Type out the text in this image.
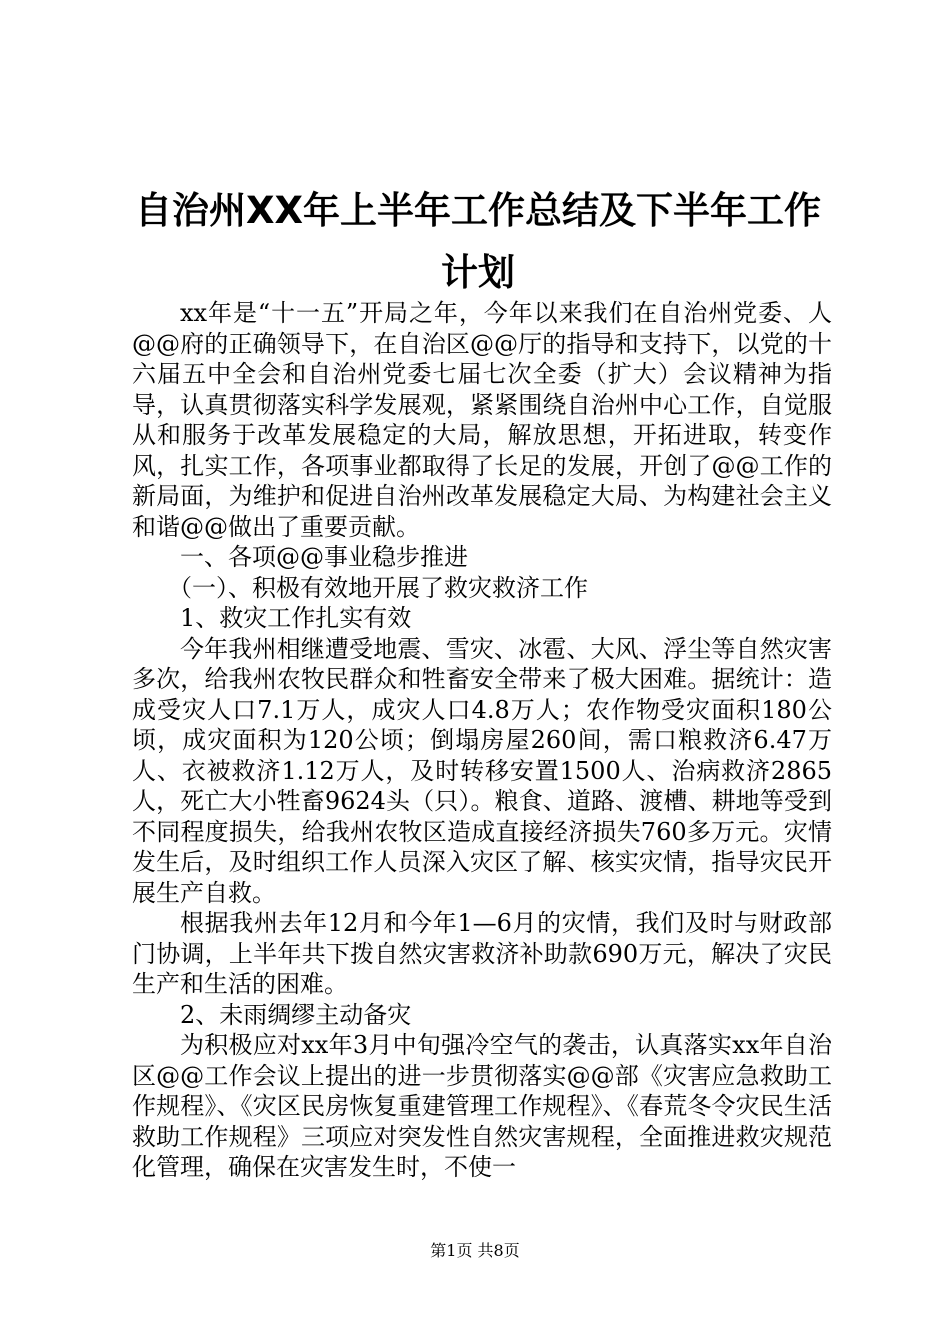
自治州XX年上半年工作总结及下半年工作计划

xx年是“十一五”开局之年，今年以来我们在自治州党委、人@@府的正确领导下，在自治区@@厅的指导和支持下，以党的十六届五中全会和自治州党委七届七次全委（扩大）会议精神为指导，认真贯彻落实科学发展观，紧紧围绕自治州中心工作，自觉服从和服务于改革发展稳定的大局，解放思想，开拓进取，转变作风，扎实工作，各项事业都取得了长足的发展，开创了@@工作的新局面，为维护和促进自治州改革发展稳定大局、为构建社会主义和谐@@做出了重要贡献。

一、各项@@事业稳步推进

（一）、积极有效地开展了救灾救济工作

1、救灾工作扎实有效

今年我州相继遭受地震、雪灾、冰雹、大风、浮尘等自然灾害多次，给我州农牧民群众和牲畜安全带来了极大困难。据统计：造成受灾人口7.1万人，成灾人口4.8万人；农作物受灾面积180公顷，成灾面积为120公顷；倒塌房屋260间，需口粮救济6.47万人、衣被救济1.12万人，及时转移安置1500人、治病救济2865人，死亡大小牲畜9624头（只）。粮食、道路、渡槽、耕地等受到不同程度损失，给我州农牧区造成直接经济损失760多万元。灾情发生后，及时组织工作人员深入灾区了解、核实灾情，指导灾民开展生产自救。

根据我州去年12月和今年1—6月的灾情，我们及时与财政部门协调，上半年共下拨自然灾害救济补助款690万元，解决了灾民生产和生活的困难。

2、未雨绸缪主动备灾

为积极应对xx年3月中旬强冷空气的袭击，认真落实xx年自治区@@工作会议上提出的进一步贯彻落实@@部《灾害应急救助工作规程》、《灾区民房恢复重建管理工作规程》、《春荒冬令灾民生活救助工作规程》三项应对突发性自然灾害规程，全面推进救灾规范化管理，确保在灾害发生时，不使一

第1页 共8页
